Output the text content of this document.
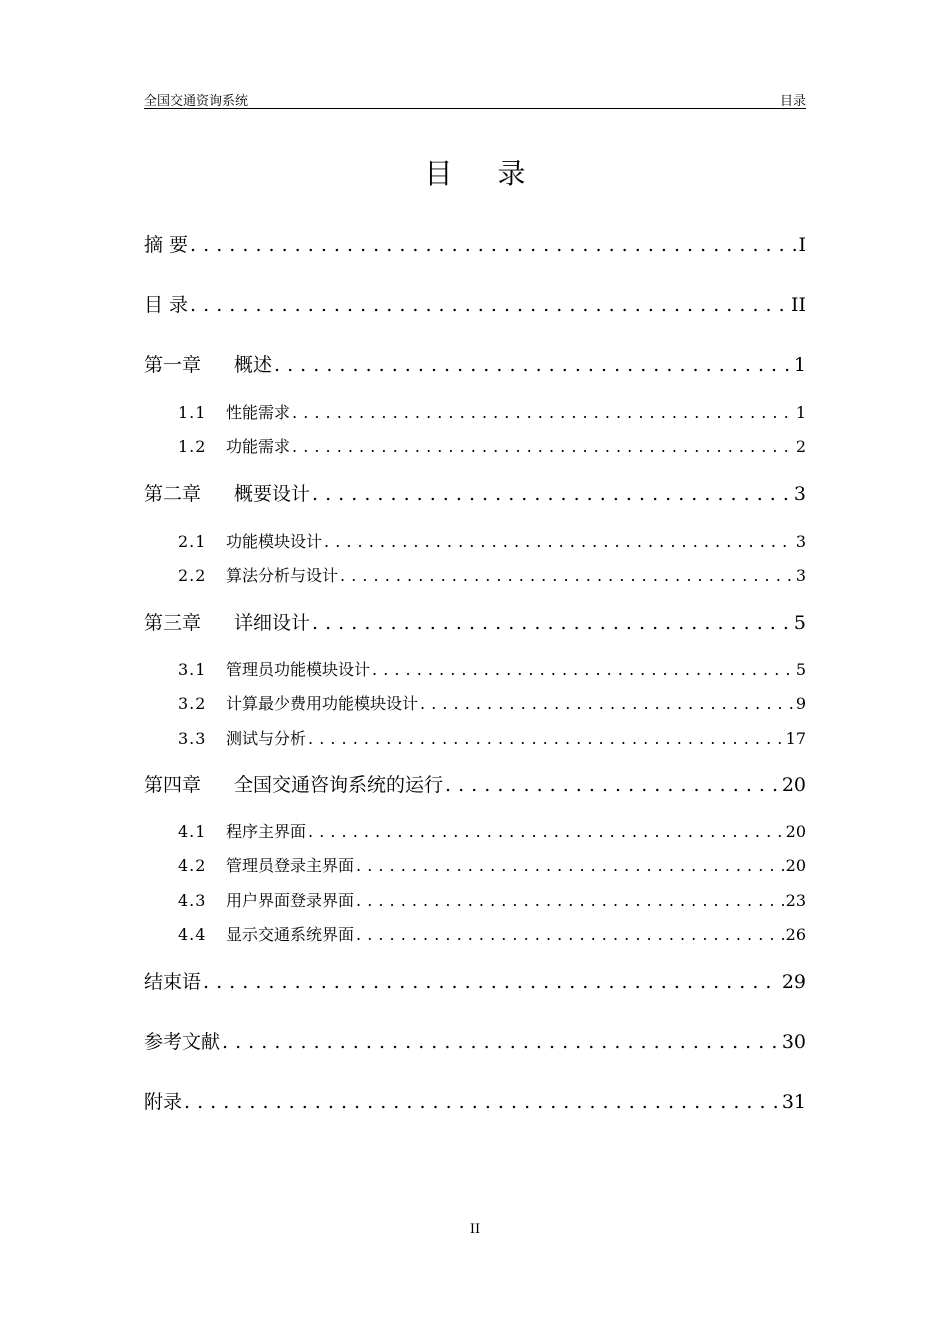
全国交通资询系统	目录
目 录
摘 要 . . .	I
目 录 . . .	II
第一章	概述 . . .	1
1.1	性能需求 . . .	1
1.2	功能需求 . . .	2
第二章	概要设计 . . .	3
2.1	功能模块设计 . . .	3
2.2	算法分析与设计 . . .	3
第三章	详细设计 . . .	5
3.1	管理员功能模块设计 . . .	5
3.2	计算最少费用功能模块设计 . . .	9
3.3	测试与分析 . . .	17
第四章	全国交通咨询系统的运行 . . .	20
4.1	程序主界面 . . .	20
4.2	管理员登录主界面 . . .	20
4.3	用户界面登录界面 . . .	23
4.4	显示交通系统界面 . . .	26
结束语 . . .	29
参考文献 . . .	30
附录 . . .	31
II
